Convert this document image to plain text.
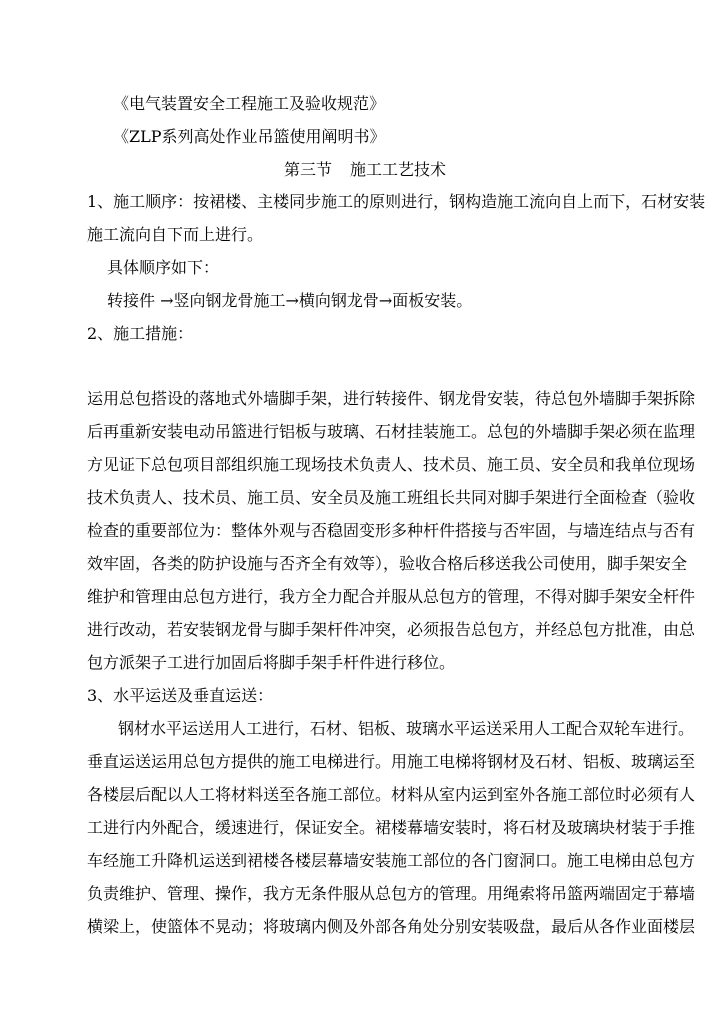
《电气装置安全工程施工及验收规范》
《ZLP系列高处作业吊篮使用阐明书》
第三节 施工工艺技术
1、施工顺序：按裙楼、主楼同步施工的原则进行，钢构造施工流向自上而下，石材安装
施工流向自下而上进行。
具体顺序如下：
转接件 →竖向钢龙骨施工→横向钢龙骨→面板安装。
2、施工措施：
运用总包搭设的落地式外墙脚手架，进行转接件、钢龙骨安装，待总包外墙脚手架拆除
后再重新安装电动吊篮进行铝板与玻璃、石材挂装施工。总包的外墙脚手架必须在监理
方见证下总包项目部组织施工现场技术负责人、技术员、施工员、安全员和我单位现场
技术负责人、技术员、施工员、安全员及施工班组长共同对脚手架进行全面检查（验收
检查的重要部位为：整体外观与否稳固变形多种杆件搭接与否牢固，与墙连结点与否有
效牢固，各类的防护设施与否齐全有效等），验收合格后移送我公司使用，脚手架安全
维护和管理由总包方进行，我方全力配合并服从总包方的管理，不得对脚手架安全杆件
进行改动，若安装钢龙骨与脚手架杆件冲突，必须报告总包方，并经总包方批准，由总
包方派架子工进行加固后将脚手架手杆件进行移位。
3、水平运送及垂直运送：
钢材水平运送用人工进行，石材、铝板、玻璃水平运送采用人工配合双轮车进行。
垂直运送运用总包方提供的施工电梯进行。用施工电梯将钢材及石材、铝板、玻璃运至
各楼层后配以人工将材料送至各施工部位。材料从室内运到室外各施工部位时必须有人
工进行内外配合，缓速进行，保证安全。裙楼幕墙安装时，将石材及玻璃块材装于手推
车经施工升降机运送到裙楼各楼层幕墙安装施工部位的各门窗洞口。施工电梯由总包方
负责维护、管理、操作，我方无条件服从总包方的管理。用绳索将吊篮两端固定于幕墙
横梁上，使篮体不晃动；将玻璃内侧及外部各角处分别安装吸盘，最后从各作业面楼层
